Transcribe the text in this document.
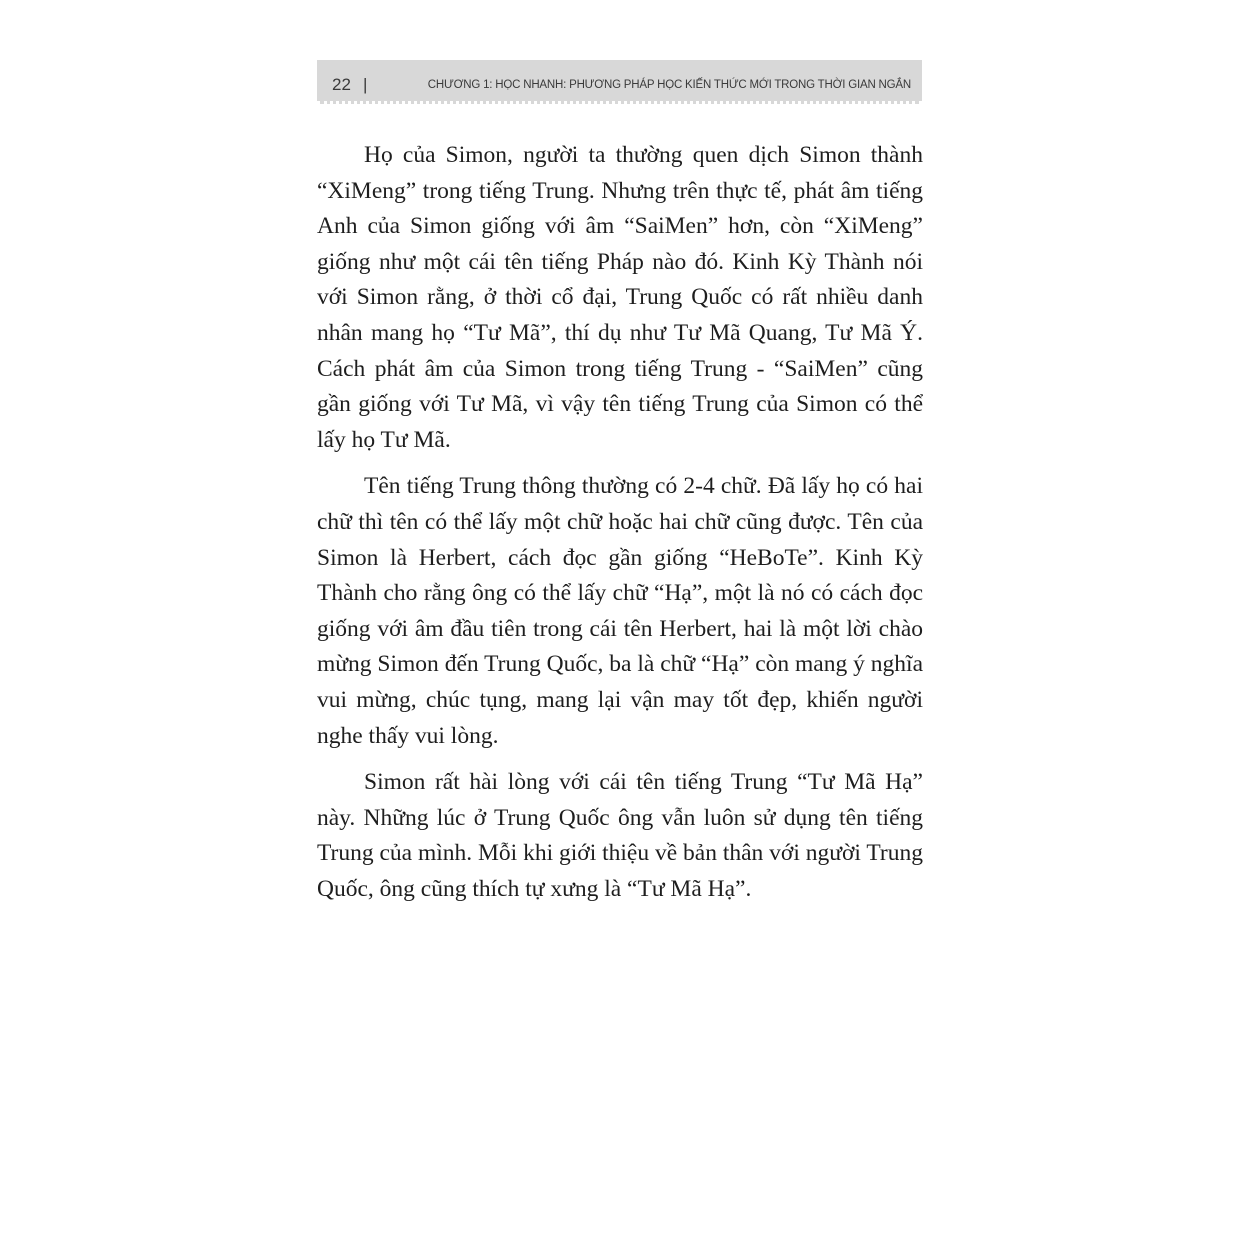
22 |	CHƯƠNG 1: HỌC NHANH: PHƯƠNG PHÁP HỌC KIẾN THỨC MỚI TRONG THỜI GIAN NGẮN

Họ của Simon, người ta thường quen dịch Simon thành “XiMeng” trong tiếng Trung. Nhưng trên thực tế, phát âm tiếng Anh của Simon giống với âm “SaiMen” hơn, còn “XiMeng” giống như một cái tên tiếng Pháp nào đó. Kinh Kỳ Thành nói với Simon rằng, ở thời cổ đại, Trung Quốc có rất nhiều danh nhân mang họ “Tư Mã”, thí dụ như Tư Mã Quang, Tư Mã Ý. Cách phát âm của Simon trong tiếng Trung - “SaiMen” cũng gần giống với Tư Mã, vì vậy tên tiếng Trung của Simon có thể lấy họ Tư Mã.

Tên tiếng Trung thông thường có 2-4 chữ. Đã lấy họ có hai chữ thì tên có thể lấy một chữ hoặc hai chữ cũng được. Tên của Simon là Herbert, cách đọc gần giống “HeBoTe”. Kinh Kỳ Thành cho rằng ông có thể lấy chữ “Hạ”, một là nó có cách đọc giống với âm đầu tiên trong cái tên Herbert, hai là một lời chào mừng Simon đến Trung Quốc, ba là chữ “Hạ” còn mang ý nghĩa vui mừng, chúc tụng, mang lại vận may tốt đẹp, khiến người nghe thấy vui lòng.

Simon rất hài lòng với cái tên tiếng Trung “Tư Mã Hạ” này. Những lúc ở Trung Quốc ông vẫn luôn sử dụng tên tiếng Trung của mình. Mỗi khi giới thiệu về bản thân với người Trung Quốc, ông cũng thích tự xưng là “Tư Mã Hạ”.
